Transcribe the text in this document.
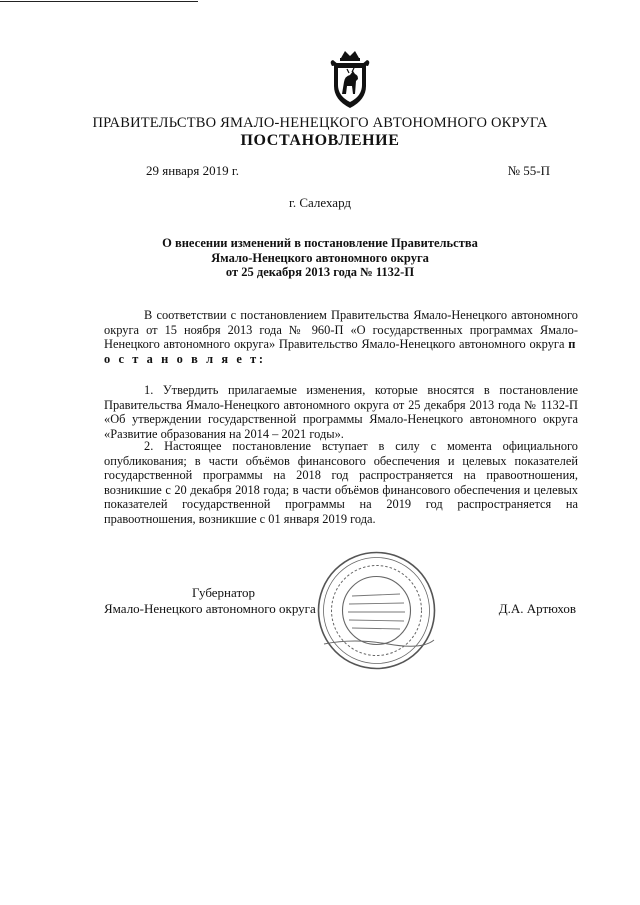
ПРАВИТЕЛЬСТВО ЯМАЛО-НЕНЕЦКОГО АВТОНОМНОГО ОКРУГА
ПОСТАНОВЛЕНИЕ
29 января 2019 г.	№ 55-П
г. Салехард
О внесении изменений в постановление Правительства
Ямало-Ненецкого автономного округа
от 25 декабря 2013 года № 1132-П

В соответствии с постановлением Правительства Ямало-Ненецкого автономного округа от 15 ноября 2013 года № 960-П «О государственных программах Ямало-Ненецкого автономного округа» Правительство Ямало-Ненецкого автономного округа п о с т а н о в л я е т:

1. Утвердить прилагаемые изменения, которые вносятся в постановление Правительства Ямало-Ненецкого автономного округа от 25 декабря 2013 года № 1132-П «Об утверждении государственной программы Ямало-Ненецкого автономного округа «Развитие образования на 2014 – 2021 годы».

2. Настоящее постановление вступает в силу с момента официального опубликования; в части объёмов финансового обеспечения и целевых показателей государственной программы на 2018 год распространяется на правоотношения, возникшие с 20 декабря 2018 года; в части объёмов финансового обеспечения и целевых показателей государственной программы на 2019 год распространяется на правоотношения, возникшие с 01 января 2019 года.

Губернатор
Ямало-Ненецкого автономного округа	Д.А. Артюхов
